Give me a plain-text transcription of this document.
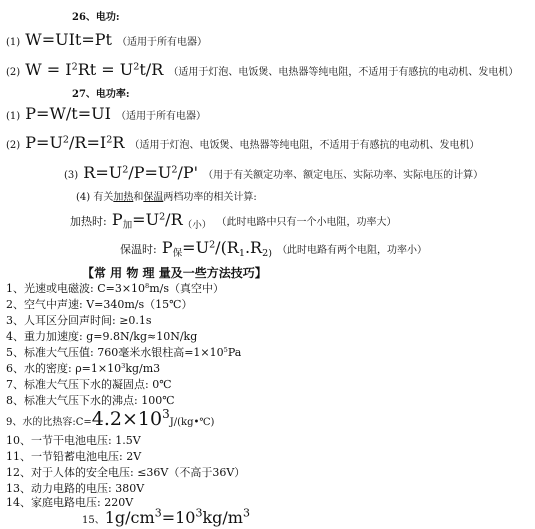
26、电功:
(1) W=UIt=Pt （适用于所有电器）
(2) $W = I^2Rt = U^2t/R$ （适用于灯泡、电饭煲、电热器等纯电阻，不适用于有感抗的电动机、发电机）
27、电功率:
(1) P=W/t=UI （适用于所有电器）
(2) $P=U^2/R=I^2R$ （适用于灯泡、电饭煲、电热器等纯电阻，不适用于有感抗的电动机、发电机）
(3) $R=U^2/P=U^2/P'$ （用于有关额定功率、额定电压、实际功率、实际电压的计算）
(4) 有关加热和保温两档功率的相关计算:
加热时: $P_加=U^2/R_{(小)}$ （此时电路中只有一个小电阻，功率大）
保温时: $P_保=U^2/(R_1.R_{2)}$ （此时电路有两个电阻，功率小）
【常 用 物 理 量及一些方法技巧】
1、光速或电磁波: $C=3\times 10^8m/s$（真空中）
2、空气中声速: V=340m/s（15℃）
3、人耳区分回声时间: ≥0.1s
4、重力加速度: g=9.8N/kg≈10N/kg
5、标准大气压值: 760毫米水银柱高$=1\times 10^5Pa$
6、水的密度: $\rho=1\times 10^3kg/m3$
7、标准大气压下水的凝固点: 0℃
8、标准大气压下水的沸点: 100℃
9、水的比热容$:C=4.2\times 10^3J/(kg•℃)$
10、一节干电池电压: 1.5V
11、一节铅蓄电池电压: 2V
12、对于人体的安全电压: ≤36V（不高于36V）
13、动力电路的电压: 380V
14、家庭电路电压: 220V
15、$1g/cm^3=10^3kg/m^3$
